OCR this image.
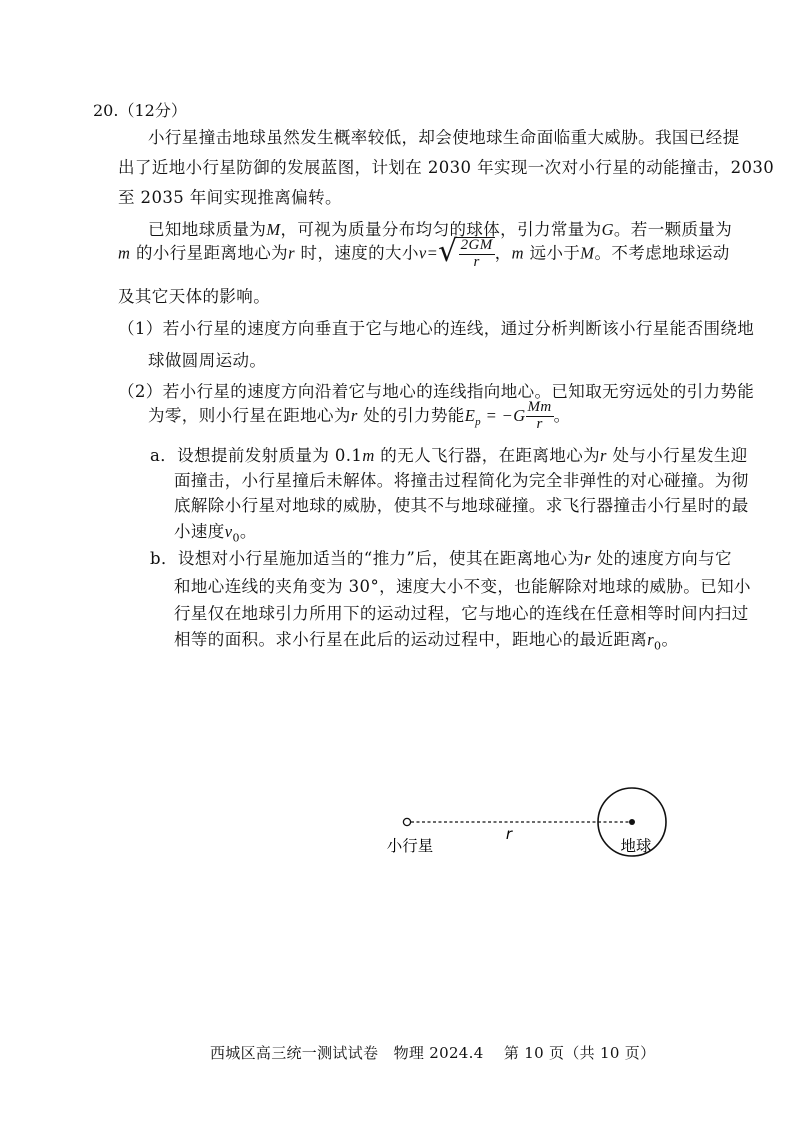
20.（12分）
小行星撞击地球虽然发生概率较低，却会使地球生命面临重大威胁。我国已经提
出了近地小行星防御的发展蓝图，计划在 2030 年实现一次对小行星的动能撞击，2030
至 2035 年间实现推离偏转。
已知地球质量为M，可视为质量分布均匀的球体，引力常量为G。若一颗质量为
m 的小行星距离地心为r 时，速度的大小v= √ $\frac{2GM}{r}$ ，m 远小于M。不考虑地球运动
及其它天体的影响。
（1）若小行星的速度方向垂直于它与地心的连线，通过分析判断该小行星能否围绕地
球做圆周运动。
（2）若小行星的速度方向沿着它与地心的连线指向地心。已知取无穷远处的引力势能
为零，则小行星在距地心为r 处的引力势能$E_p = -G \frac{Mm}{r}$ 。
a．设想提前发射质量为 0.1m 的无人飞行器，在距离地心为r 处与小行星发生迎
面撞击，小行星撞后未解体。将撞击过程简化为完全非弹性的对心碰撞。为彻
底解除小行星对地球的威胁，使其不与地球碰撞。求飞行器撞击小行星时的最
小速度$v_0$。
b．设想对小行星施加适当的“推力”后，使其在距离地心为r 处的速度方向与它
和地心连线的夹角变为 30°，速度大小不变，也能解除对地球的威胁。已知小
行星仅在地球引力所用下的运动过程，它与地心的连线在任意相等时间内扫过
相等的面积。求小行星在此后的运动过程中，距地心的最近距离$r_0$。
小行星
r
地球
西城区高三统一测试试卷　物理 2024.4　 第 10 页（共 10 页）
